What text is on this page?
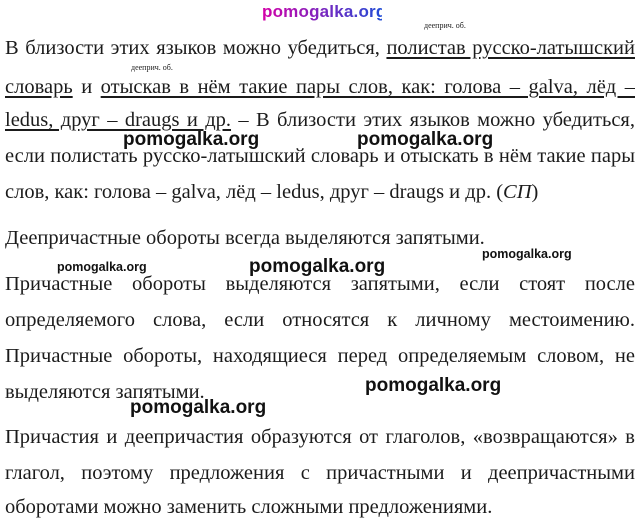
pomogalka.org
дееприч. об.
дееприч. об.
В близости этих языков можно убедиться, полистав русско-латышский
словарь и отыскав в нём такие пары слов, как: голова – galva, лёд –
ledus, друг – draugs и др. – В близости этих языков можно убедиться,
если полистать русско-латышский словарь и отыскать в нём такие пары
слов, как: голова – galva, лёд – ledus, друг – draugs и др. (СП)
Деепричастные обороты всегда выделяются запятыми.
Причастные обороты выделяются запятыми, если стоят после
определяемого слова, если относятся к личному местоимению.
Причастные обороты, находящиеся перед определяемым словом, не
выделяются запятыми.
Причастия и деепричастия образуются от глаголов, «возвращаются» в
глагол, поэтому предложения с причастными и деепричастными
оборотами можно заменить сложными предложениями.
pomogalka.org	pomogalka.org
pomogalka.org
pomogalka.org	pomogalka.org
pomogalka.org
pomogalka.org
